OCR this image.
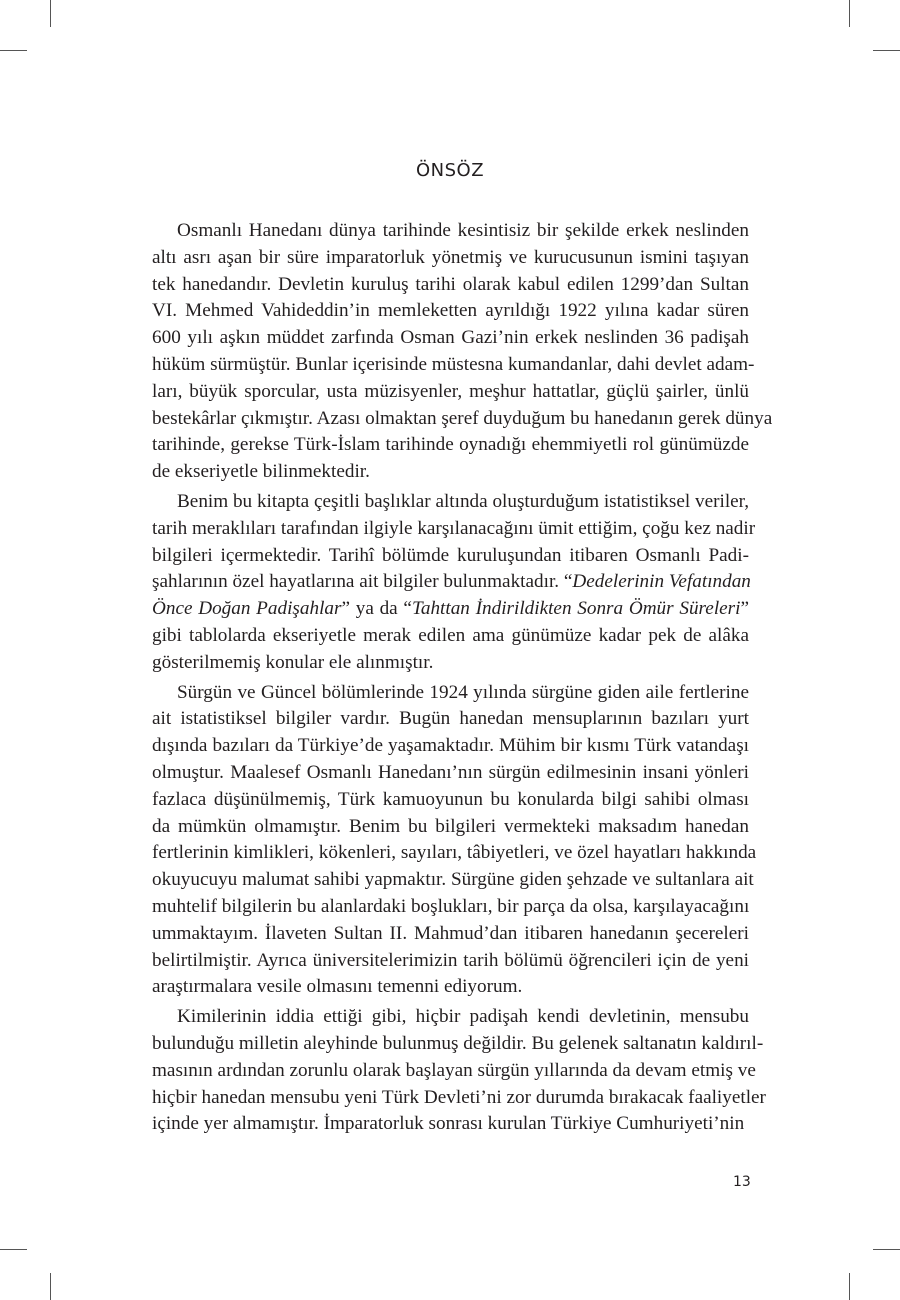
ÖNSÖZ

Osmanlı Hanedanı dünya tarihinde kesintisiz bir şekilde erkek neslinden
altı asrı aşan bir süre imparatorluk yönetmiş ve kurucusunun ismini taşıyan
tek hanedandır. Devletin kuruluş tarihi olarak kabul edilen 1299’dan Sultan
VI. Mehmed Vahideddin’in memleketten ayrıldığı 1922 yılına kadar süren
600 yılı aşkın müddet zarfında Osman Gazi’nin erkek neslinden 36 padişah
hüküm sürmüştür. Bunlar içerisinde müstesna kumandanlar, dahi devlet adam-
ları, büyük sporcular, usta müzisyenler, meşhur hattatlar, güçlü şairler, ünlü
bestekârlar çıkmıştır. Azası olmaktan şeref duyduğum bu hanedanın gerek dünya
tarihinde, gerekse Türk-İslam tarihinde oynadığı ehemmiyetli rol günümüzde
de ekseriyetle bilinmektedir.

Benim bu kitapta çeşitli başlıklar altında oluşturduğum istatistiksel veriler,
tarih meraklıları tarafından ilgiyle karşılanacağını ümit ettiğim, çoğu kez nadir
bilgileri içermektedir. Tarihî bölümde kuruluşundan itibaren Osmanlı Padi-
şahlarının özel hayatlarına ait bilgiler bulunmaktadır. “Dedelerinin Vefatından
Önce Doğan Padişahlar” ya da “Tahttan İndirildikten Sonra Ömür Süreleri”
gibi tablolarda ekseriyetle merak edilen ama günümüze kadar pek de alâka
gösterilmemiş konular ele alınmıştır.

Sürgün ve Güncel bölümlerinde 1924 yılında sürgüne giden aile fertlerine
ait istatistiksel bilgiler vardır. Bugün hanedan mensuplarının bazıları yurt
dışında bazıları da Türkiye’de yaşamaktadır. Mühim bir kısmı Türk vatandaşı
olmuştur. Maalesef Osmanlı Hanedanı’nın sürgün edilmesinin insani yönleri
fazlaca düşünülmemiş, Türk kamuoyunun bu konularda bilgi sahibi olması
da mümkün olmamıştır. Benim bu bilgileri vermekteki maksadım hanedan
fertlerinin kimlikleri, kökenleri, sayıları, tâbiyetleri, ve özel hayatları hakkında
okuyucuyu malumat sahibi yapmaktır. Sürgüne giden şehzade ve sultanlara ait
muhtelif bilgilerin bu alanlardaki boşlukları, bir parça da olsa, karşılayacağını
ummaktayım. İlaveten Sultan II. Mahmud’dan itibaren hanedanın şecereleri
belirtilmiştir. Ayrıca üniversitelerimizin tarih bölümü öğrencileri için de yeni
araştırmalara vesile olmasını temenni ediyorum.

Kimilerinin iddia ettiği gibi, hiçbir padişah kendi devletinin, mensubu
bulunduğu milletin aleyhinde bulunmuş değildir. Bu gelenek saltanatın kaldırıl-
masının ardından zorunlu olarak başlayan sürgün yıllarında da devam etmiş ve
hiçbir hanedan mensubu yeni Türk Devleti’ni zor durumda bırakacak faaliyetler
içinde yer almamıştır. İmparatorluk sonrası kurulan Türkiye Cumhuriyeti’nin

13
